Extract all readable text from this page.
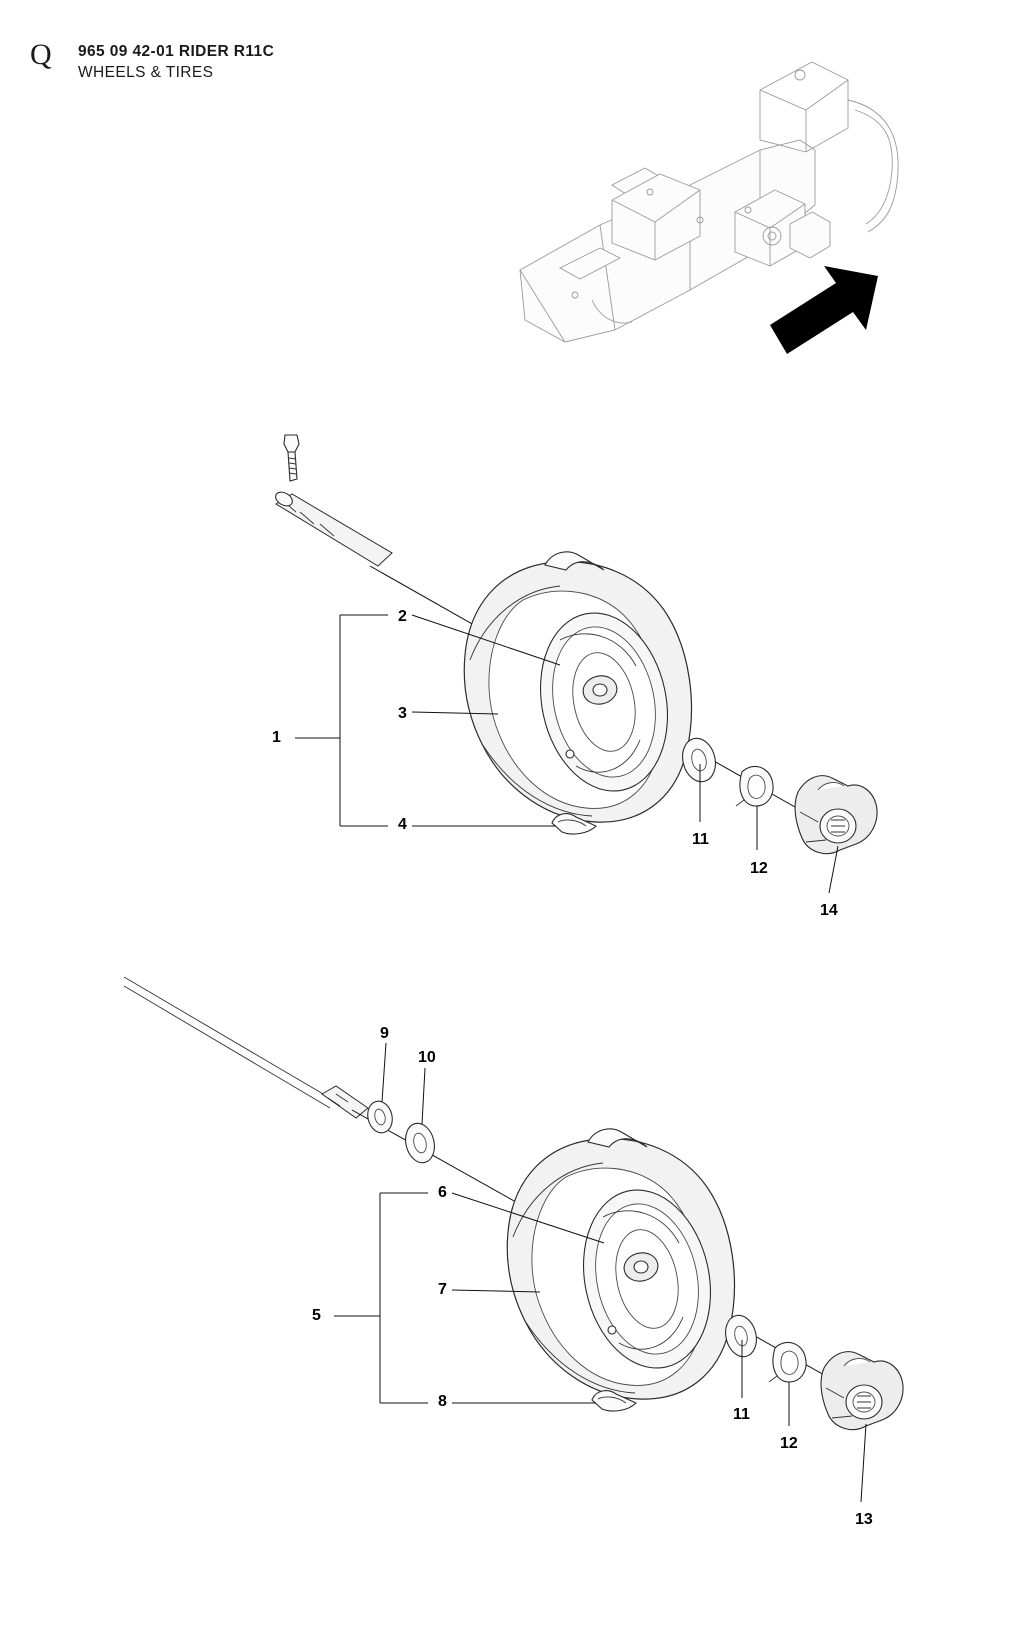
Q 965 09 42-01 RIDER R11C
WHEELS & TIRES
1
2
3
4
11
12
14
9
10
5
6
7
8
11
12
13
